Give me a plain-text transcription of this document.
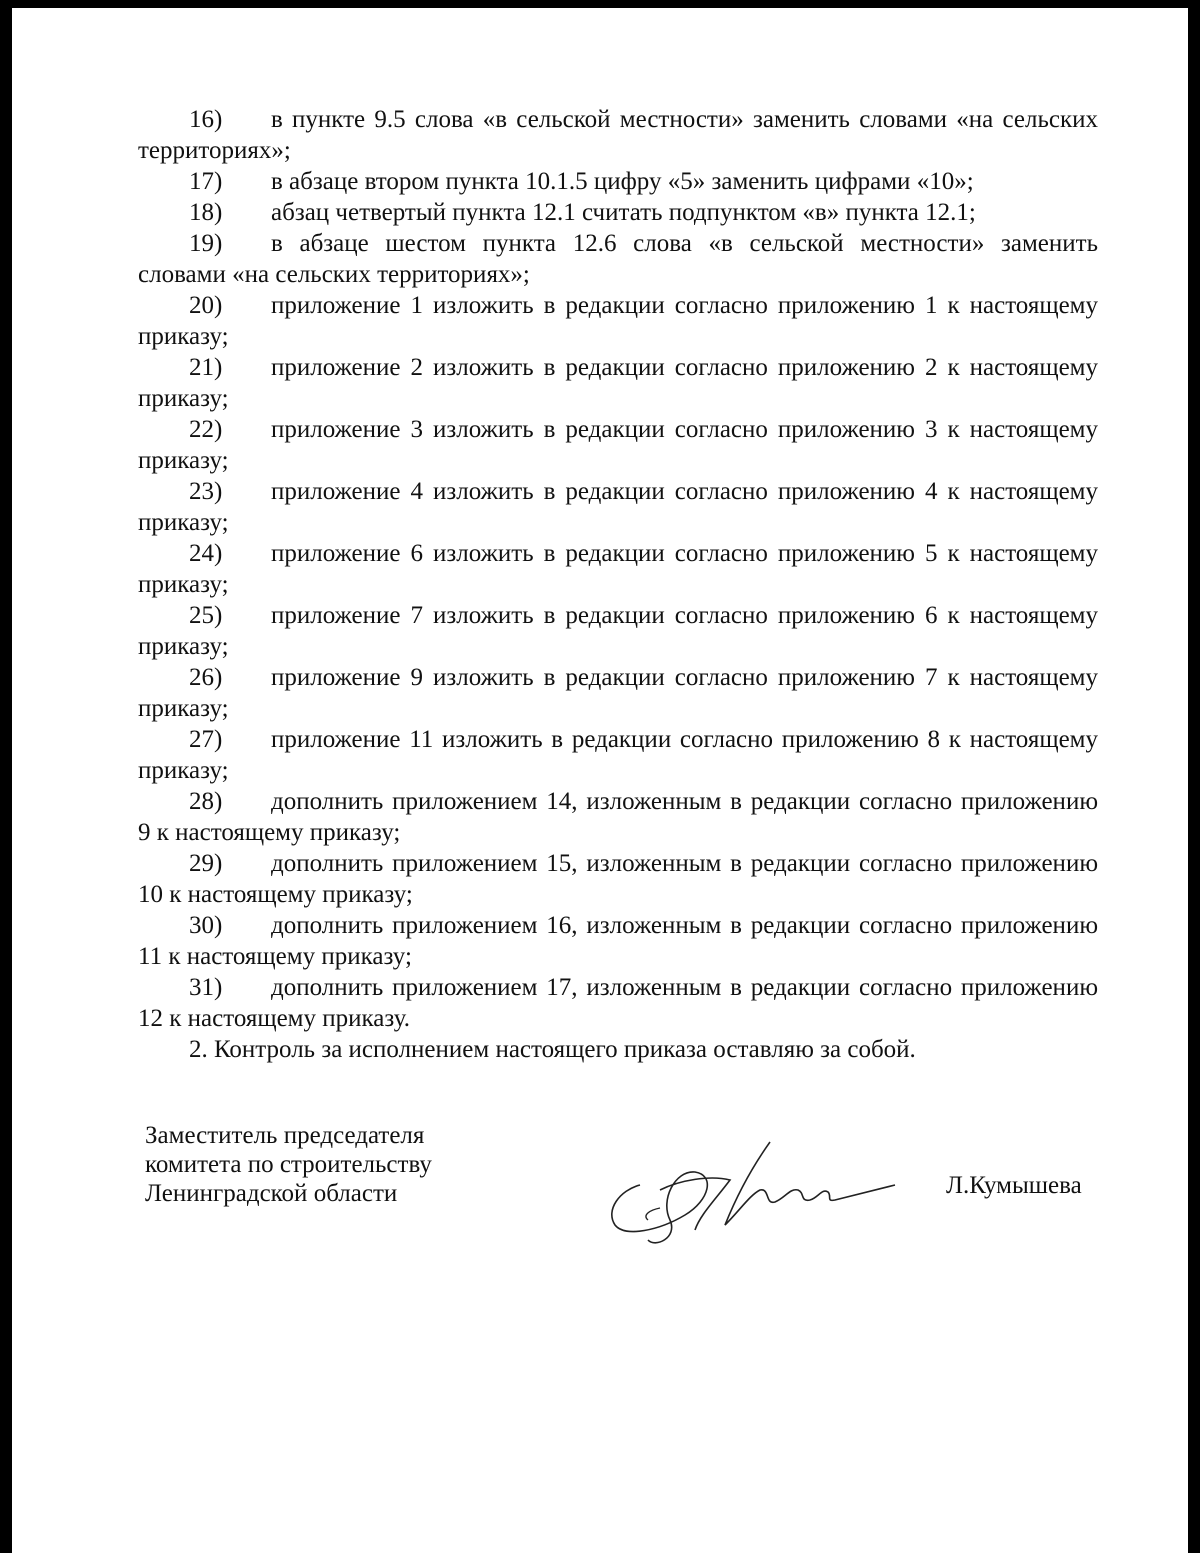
16) в пункте 9.5 слова «в сельской местности» заменить словами «на сельских территориях»;
17) в абзаце втором пункта 10.1.5 цифру «5» заменить цифрами «10»;
18) абзац четвертый пункта 12.1 считать подпунктом «в» пункта 12.1;
19) в абзаце шестом пункта 12.6 слова «в сельской местности» заменить словами «на сельских территориях»;
20) приложение 1 изложить в редакции согласно приложению 1 к настоящему приказу;
21) приложение 2 изложить в редакции согласно приложению 2 к настоящему приказу;
22) приложение 3 изложить в редакции согласно приложению 3 к настоящему приказу;
23) приложение 4 изложить в редакции согласно приложению 4 к настоящему приказу;
24) приложение 6 изложить в редакции согласно приложению 5 к настоящему приказу;
25) приложение 7 изложить в редакции согласно приложению 6 к настоящему приказу;
26) приложение 9 изложить в редакции согласно приложению 7 к настоящему приказу;
27) приложение 11 изложить в редакции согласно приложению 8 к настоящему приказу;
28) дополнить приложением 14, изложенным в редакции согласно приложению 9 к настоящему приказу;
29) дополнить приложением 15, изложенным в редакции согласно приложению 10 к настоящему приказу;
30) дополнить приложением 16, изложенным в редакции согласно приложению 11 к настоящему приказу;
31) дополнить приложением 17, изложенным в редакции согласно приложению 12 к настоящему приказу.
2. Контроль за исполнением настоящего приказа оставляю за собой.
Заместитель председателя
комитета по строительству
Ленинградской области	Л.Кумышева
